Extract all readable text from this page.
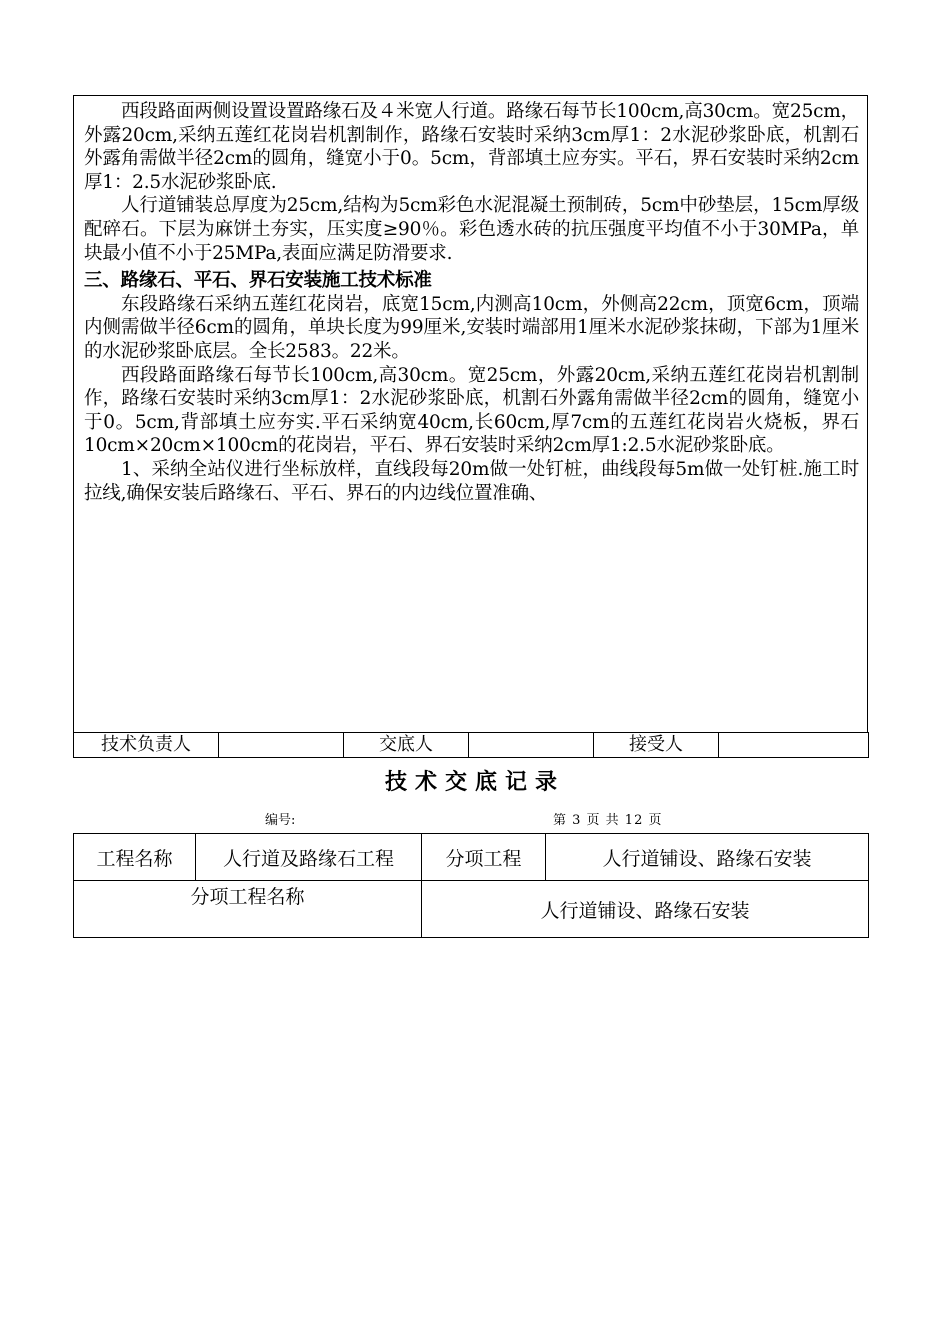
西段路面两侧设置设置路缘石及４米宽人行道。路缘石每节长100cm,高30cm。宽25cm，外露20cm,采纳五莲红花岗岩机割制作，路缘石安装时采纳3cm厚1：2水泥砂浆卧底，机割石外露角需做半径2cm的圆角，缝宽小于0。5cm，背部填土应夯实。平石，界石安装时采纳2cm厚1：2.5水泥砂浆卧底.

人行道铺装总厚度为25cm,结构为5cm彩色水泥混凝土预制砖，5cm中砂垫层，15cm厚级配碎石。下层为麻饼土夯实，压实度≥90％。彩色透水砖的抗压强度平均值不小于30MPa，单块最小值不小于25MPa,表面应满足防滑要求.

三、路缘石、平石、界石安装施工技术标准

东段路缘石采纳五莲红花岗岩，底宽15cm,内测高10cm，外侧高22cm，顶宽6cm，顶端内侧需做半径6cm的圆角，单块长度为99厘米,安装时端部用1厘米水泥砂浆抹砌，下部为1厘米的水泥砂浆卧底层。全长2583。22米。

西段路面路缘石每节长100cm,高30cm。宽25cm，外露20cm,采纳五莲红花岗岩机割制作，路缘石安装时采纳3cm厚1：2水泥砂浆卧底，机割石外露角需做半径2cm的圆角，缝宽小于0。5cm,背部填土应夯实.平石采纳宽40cm,长60cm,厚7cm的五莲红花岗岩火烧板，界石10cm×20cm×100cm的花岗岩，平石、界石安装时采纳2cm厚1:2.5水泥砂浆卧底。

1、采纳全站仪进行坐标放样，直线段每20m做一处钉桩，曲线段每5m做一处钉桩.施工时拉线,确保安装后路缘石、平石、界石的内边线位置准确、

技术负责人		交底人		接受人	
技术交底记录
编号:	第 3 页 共 12 页
工程名称	人行道及路缘石工程	分项工程	人行道铺设、路缘石安装
分项工程名称		人行道铺设、路缘石安装	
